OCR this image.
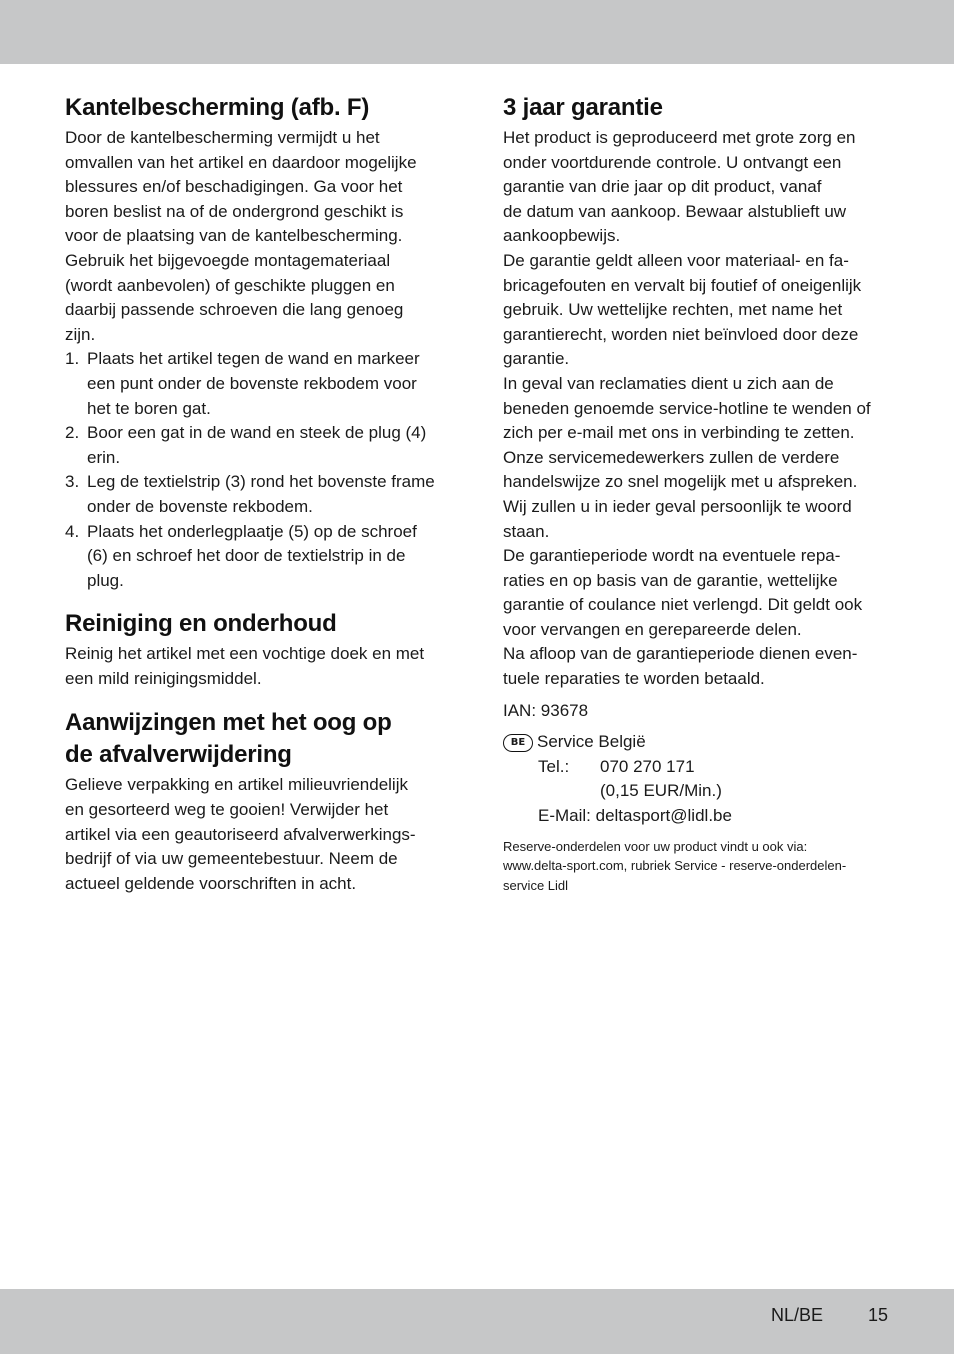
Kantelbescherming (afb. F)

Door de kantelbescherming vermijdt u het

omvallen van het artikel en daardoor mogelijke

blessures en/of beschadigingen. Ga voor het

boren beslist na of de ondergrond geschikt is

voor de plaatsing van de kantelbescherming.

Gebruik het bijgevoegde montagemateriaal

(wordt aanbevolen) of geschikte pluggen en

daarbij passende schroeven die lang genoeg

zijn.

1. Plaats het artikel tegen de wand en markeer
een punt onder de bovenste rekbodem voor
het te boren gat.
2. Boor een gat in de wand en steek de plug (4)
erin.
3. Leg de textielstrip (3) rond het bovenste frame
onder de bovenste rekbodem.
4. Plaats het onderlegplaatje (5) op de schroef
(6) en schroef het door de textielstrip in de
plug.
Reiniging en onderhoud

Reinig het artikel met een vochtige doek en met

een mild reinigingsmiddel.

Aanwijzingen met het oog op
de afvalverwijdering

Gelieve verpakking en artikel milieuvriendelijk

en gesorteerd weg te gooien! Verwijder het

artikel via een geautoriseerd afvalverwerkings-

bedrijf of via uw gemeentebestuur. Neem de

actueel geldende voorschriften in acht.

3 jaar garantie

Het product is geproduceerd met grote zorg en

onder voortdurende controle. U ontvangt een

garantie van drie jaar op dit product, vanaf

de datum van aankoop. Bewaar alstublieft uw

aankoopbewijs.

De garantie geldt alleen voor materiaal- en fa-

bricagefouten en vervalt bij foutief of oneigenlijk

gebruik. Uw wettelijke rechten, met name het

garantierecht, worden niet beïnvloed door deze

garantie.

In geval van reclamaties dient u zich aan de

beneden genoemde service-hotline te wenden of

zich per e-mail met ons in verbinding te zetten.

Onze servicemedewerkers zullen de verdere

handelswijze zo snel mogelijk met u afspreken.

Wij zullen u in ieder geval persoonlijk te woord

staan.

De garantieperiode wordt na eventuele repa-

raties en op basis van de garantie, wettelijke

garantie of coulance niet verlengd. Dit geldt ook

voor vervangen en gerepareerde delen.

Na afloop van de garantieperiode dienen even-

tuele reparaties te worden betaald.

IAN: 93678

BE Service België
Tel.: 070 270 171
(0,15 EUR/Min.)
E-Mail: deltasport@lidl.be
Reserve-onderdelen voor uw product vindt u ook via:
www.delta-sport.com, rubriek Service - reserve-onderdelen-
service Lidl
NL/BE 15
